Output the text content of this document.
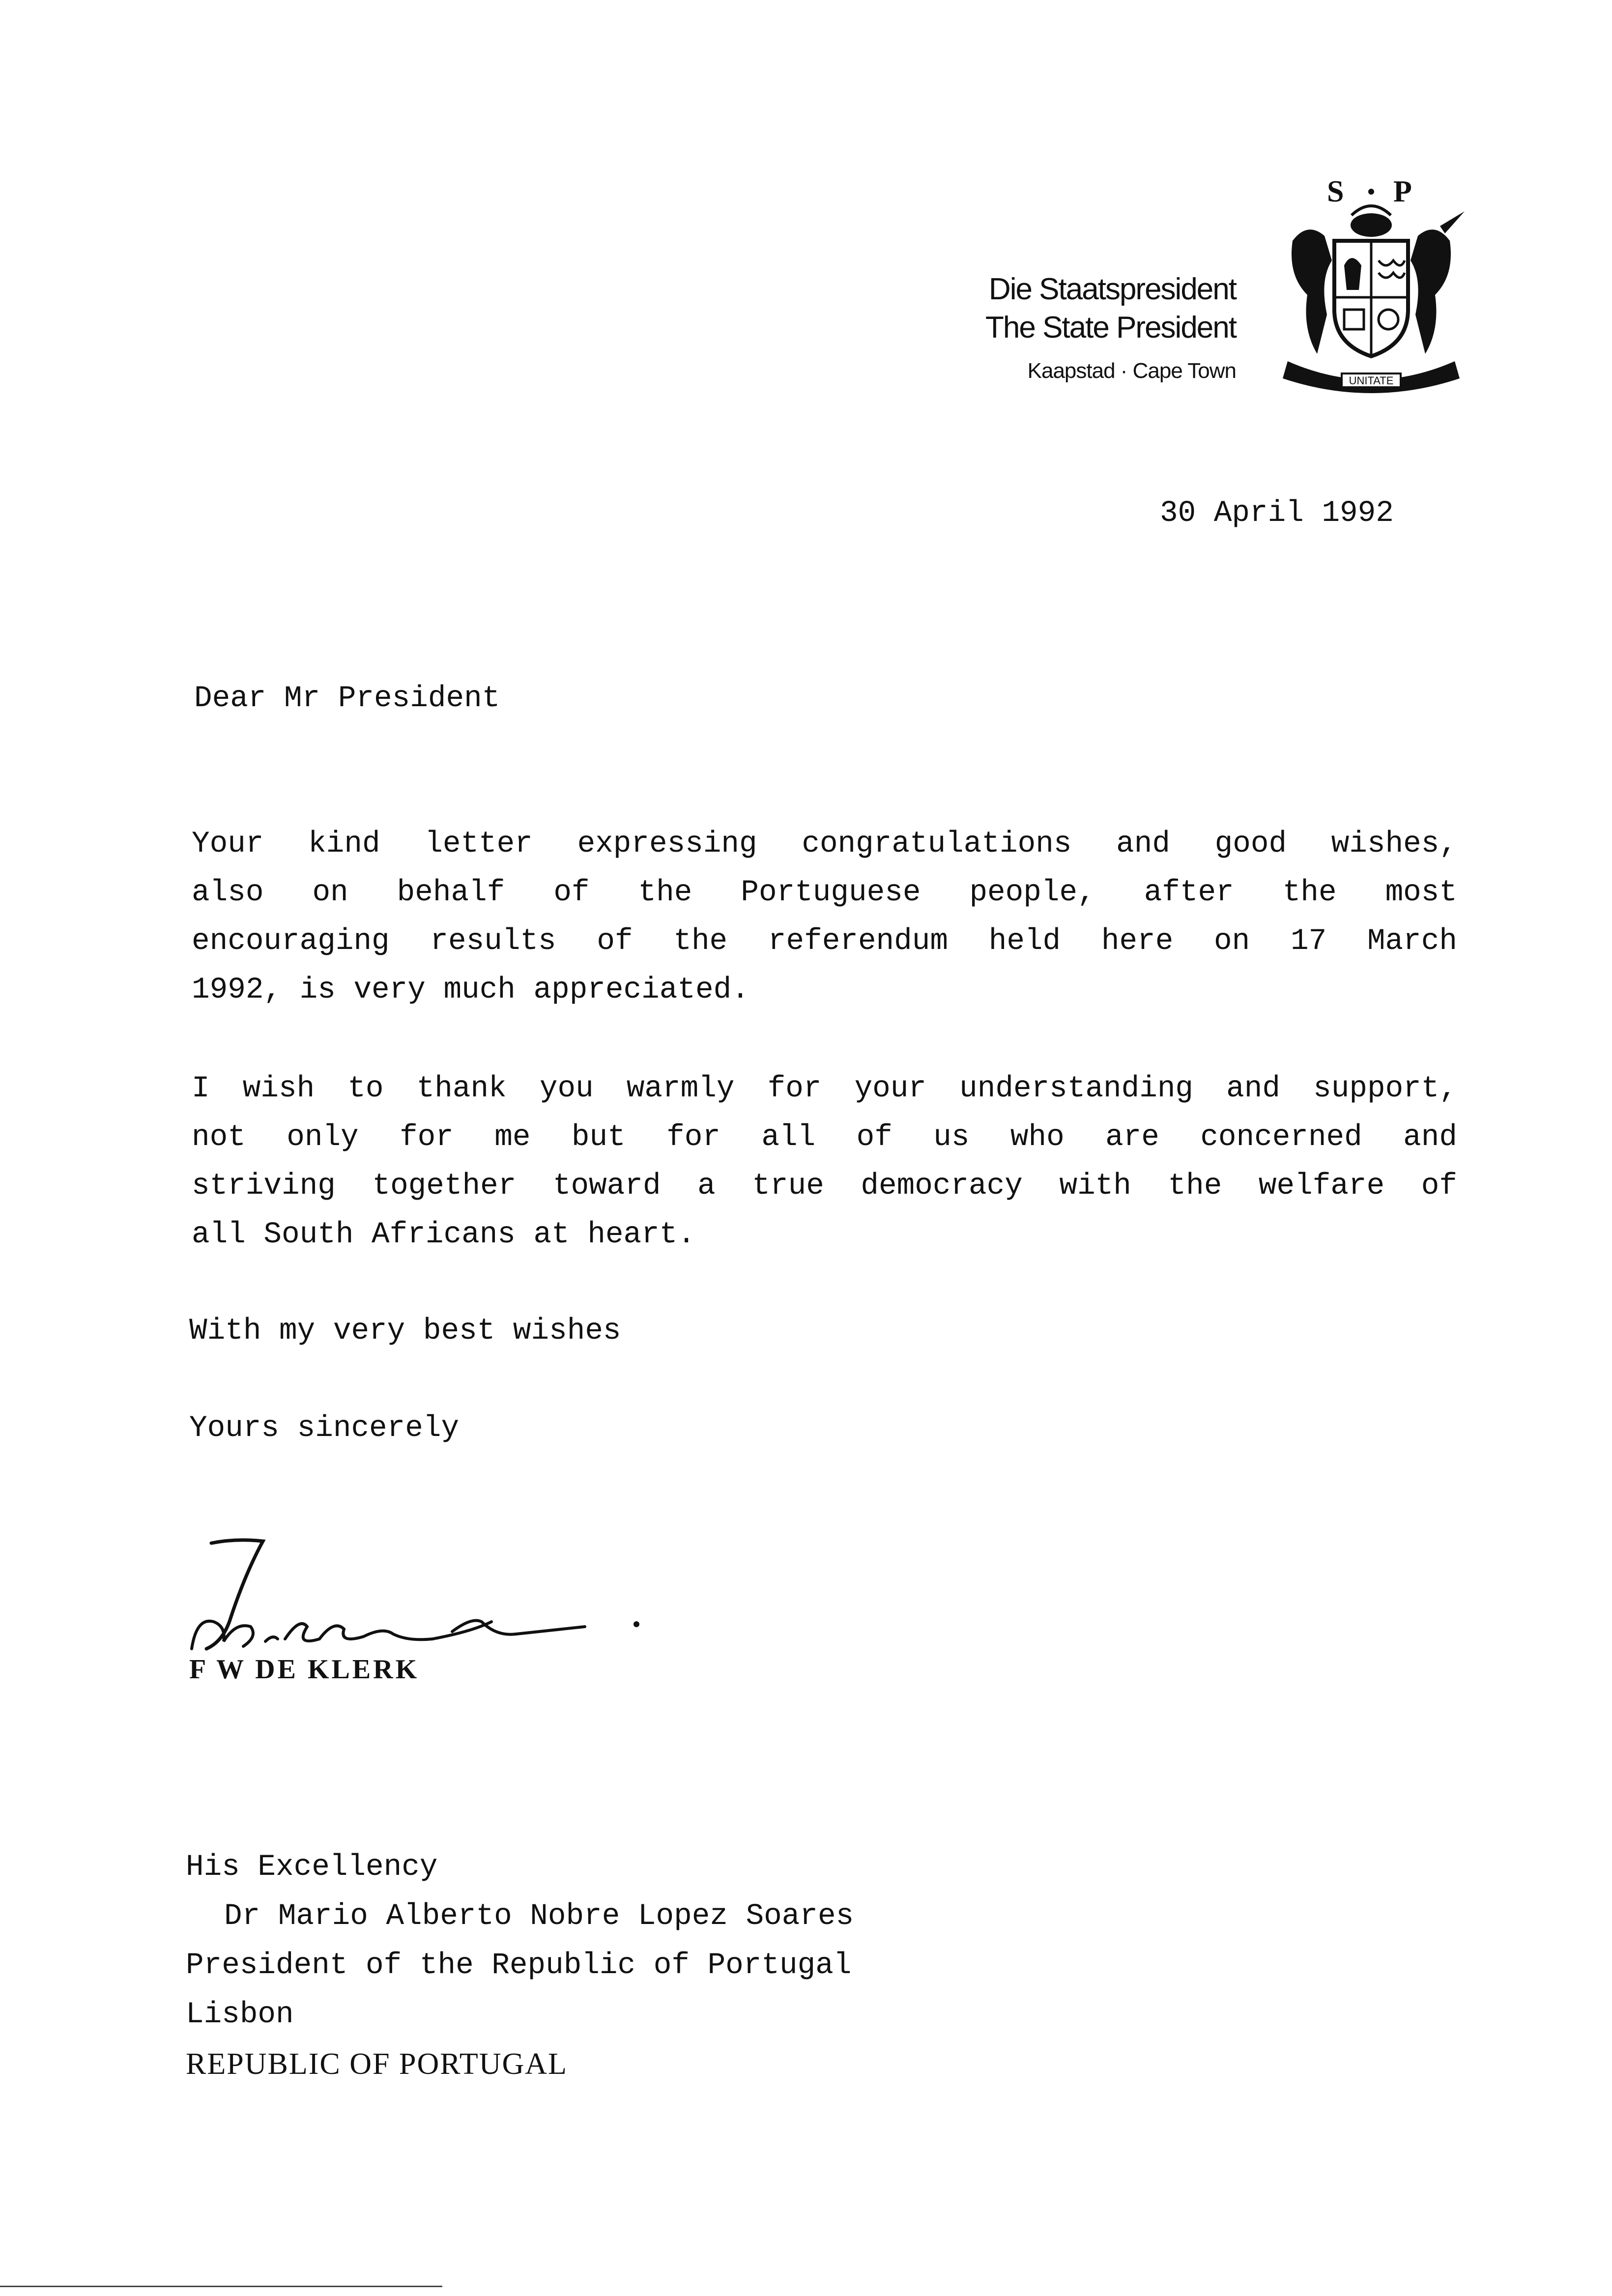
Die Staatspresident
The State President
Kaapstad · Cape Town
S P
UNITATE
30 April 1992
Dear Mr President

Your kind letter expressing congratulations and good wishes,

also on behalf of the Portuguese people, after the most

encouraging results of the referendum held here on 17 March

1992, is very much appreciated.

I wish to thank you warmly for your understanding and support,

not only for me but for all of us who are concerned and

striving together toward a true democracy with the welfare of

all South Africans at heart.

With my very best wishes
Yours sincerely
F W DE KLERK
His Excellency
Dr Mario Alberto Nobre Lopez Soares
President of the Republic of Portugal
Lisbon
REPUBLIC OF PORTUGAL
